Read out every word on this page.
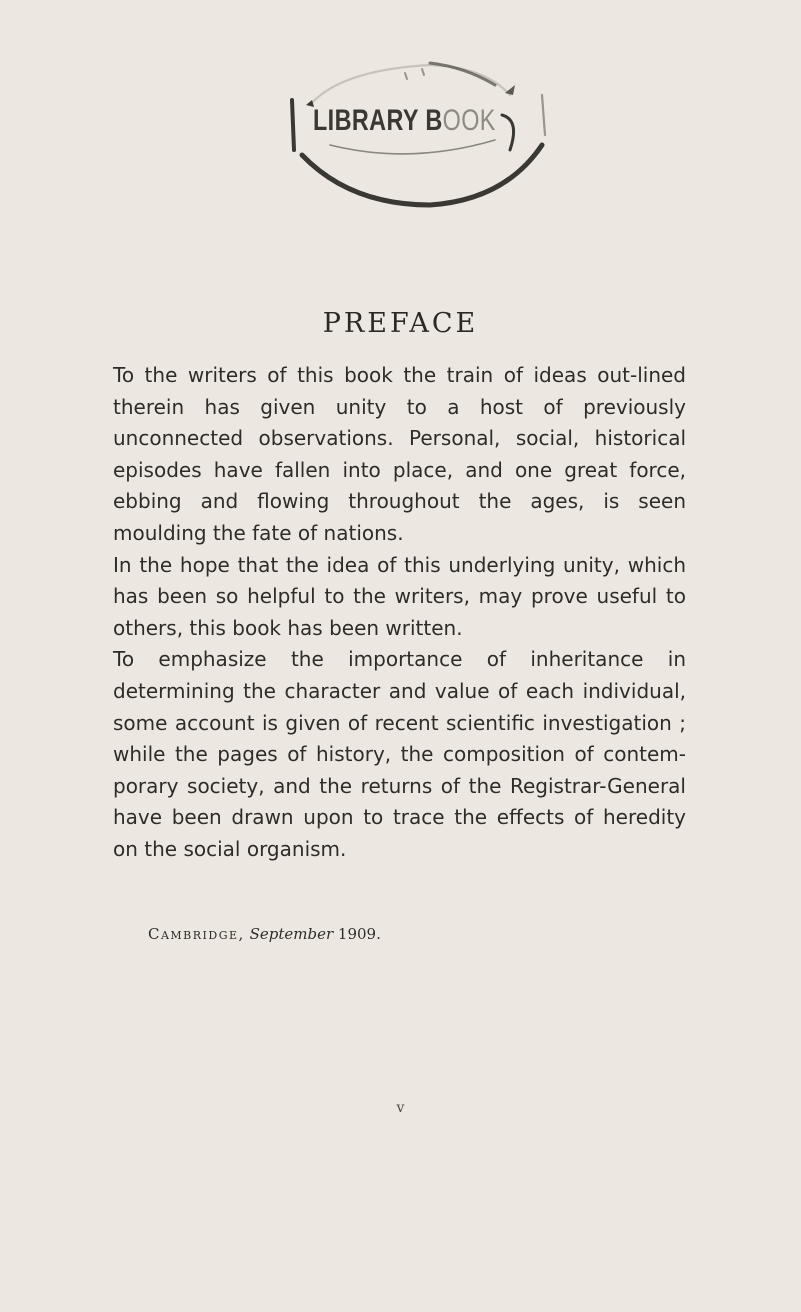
LIBRARY BOOK
PREFACE

To the writers of this book the train of ideas out-lined therein has given unity to a host of previously unconnected observations. Personal, social, historical episodes have fallen into place, and one great force, ebbing and flowing throughout the ages, is seen moulding the fate of nations.

In the hope that the idea of this underlying unity, which has been so helpful to the writers, may prove useful to others, this book has been written.

To emphasize the importance of inheritance in determining the character and value of each individual, some account is given of recent scientific investigation ; while the pages of history, the composition of contem-porary society, and the returns of the Registrar-General have been drawn upon to trace the effects of heredity on the social organism.

Cambridge, September 1909.
v
